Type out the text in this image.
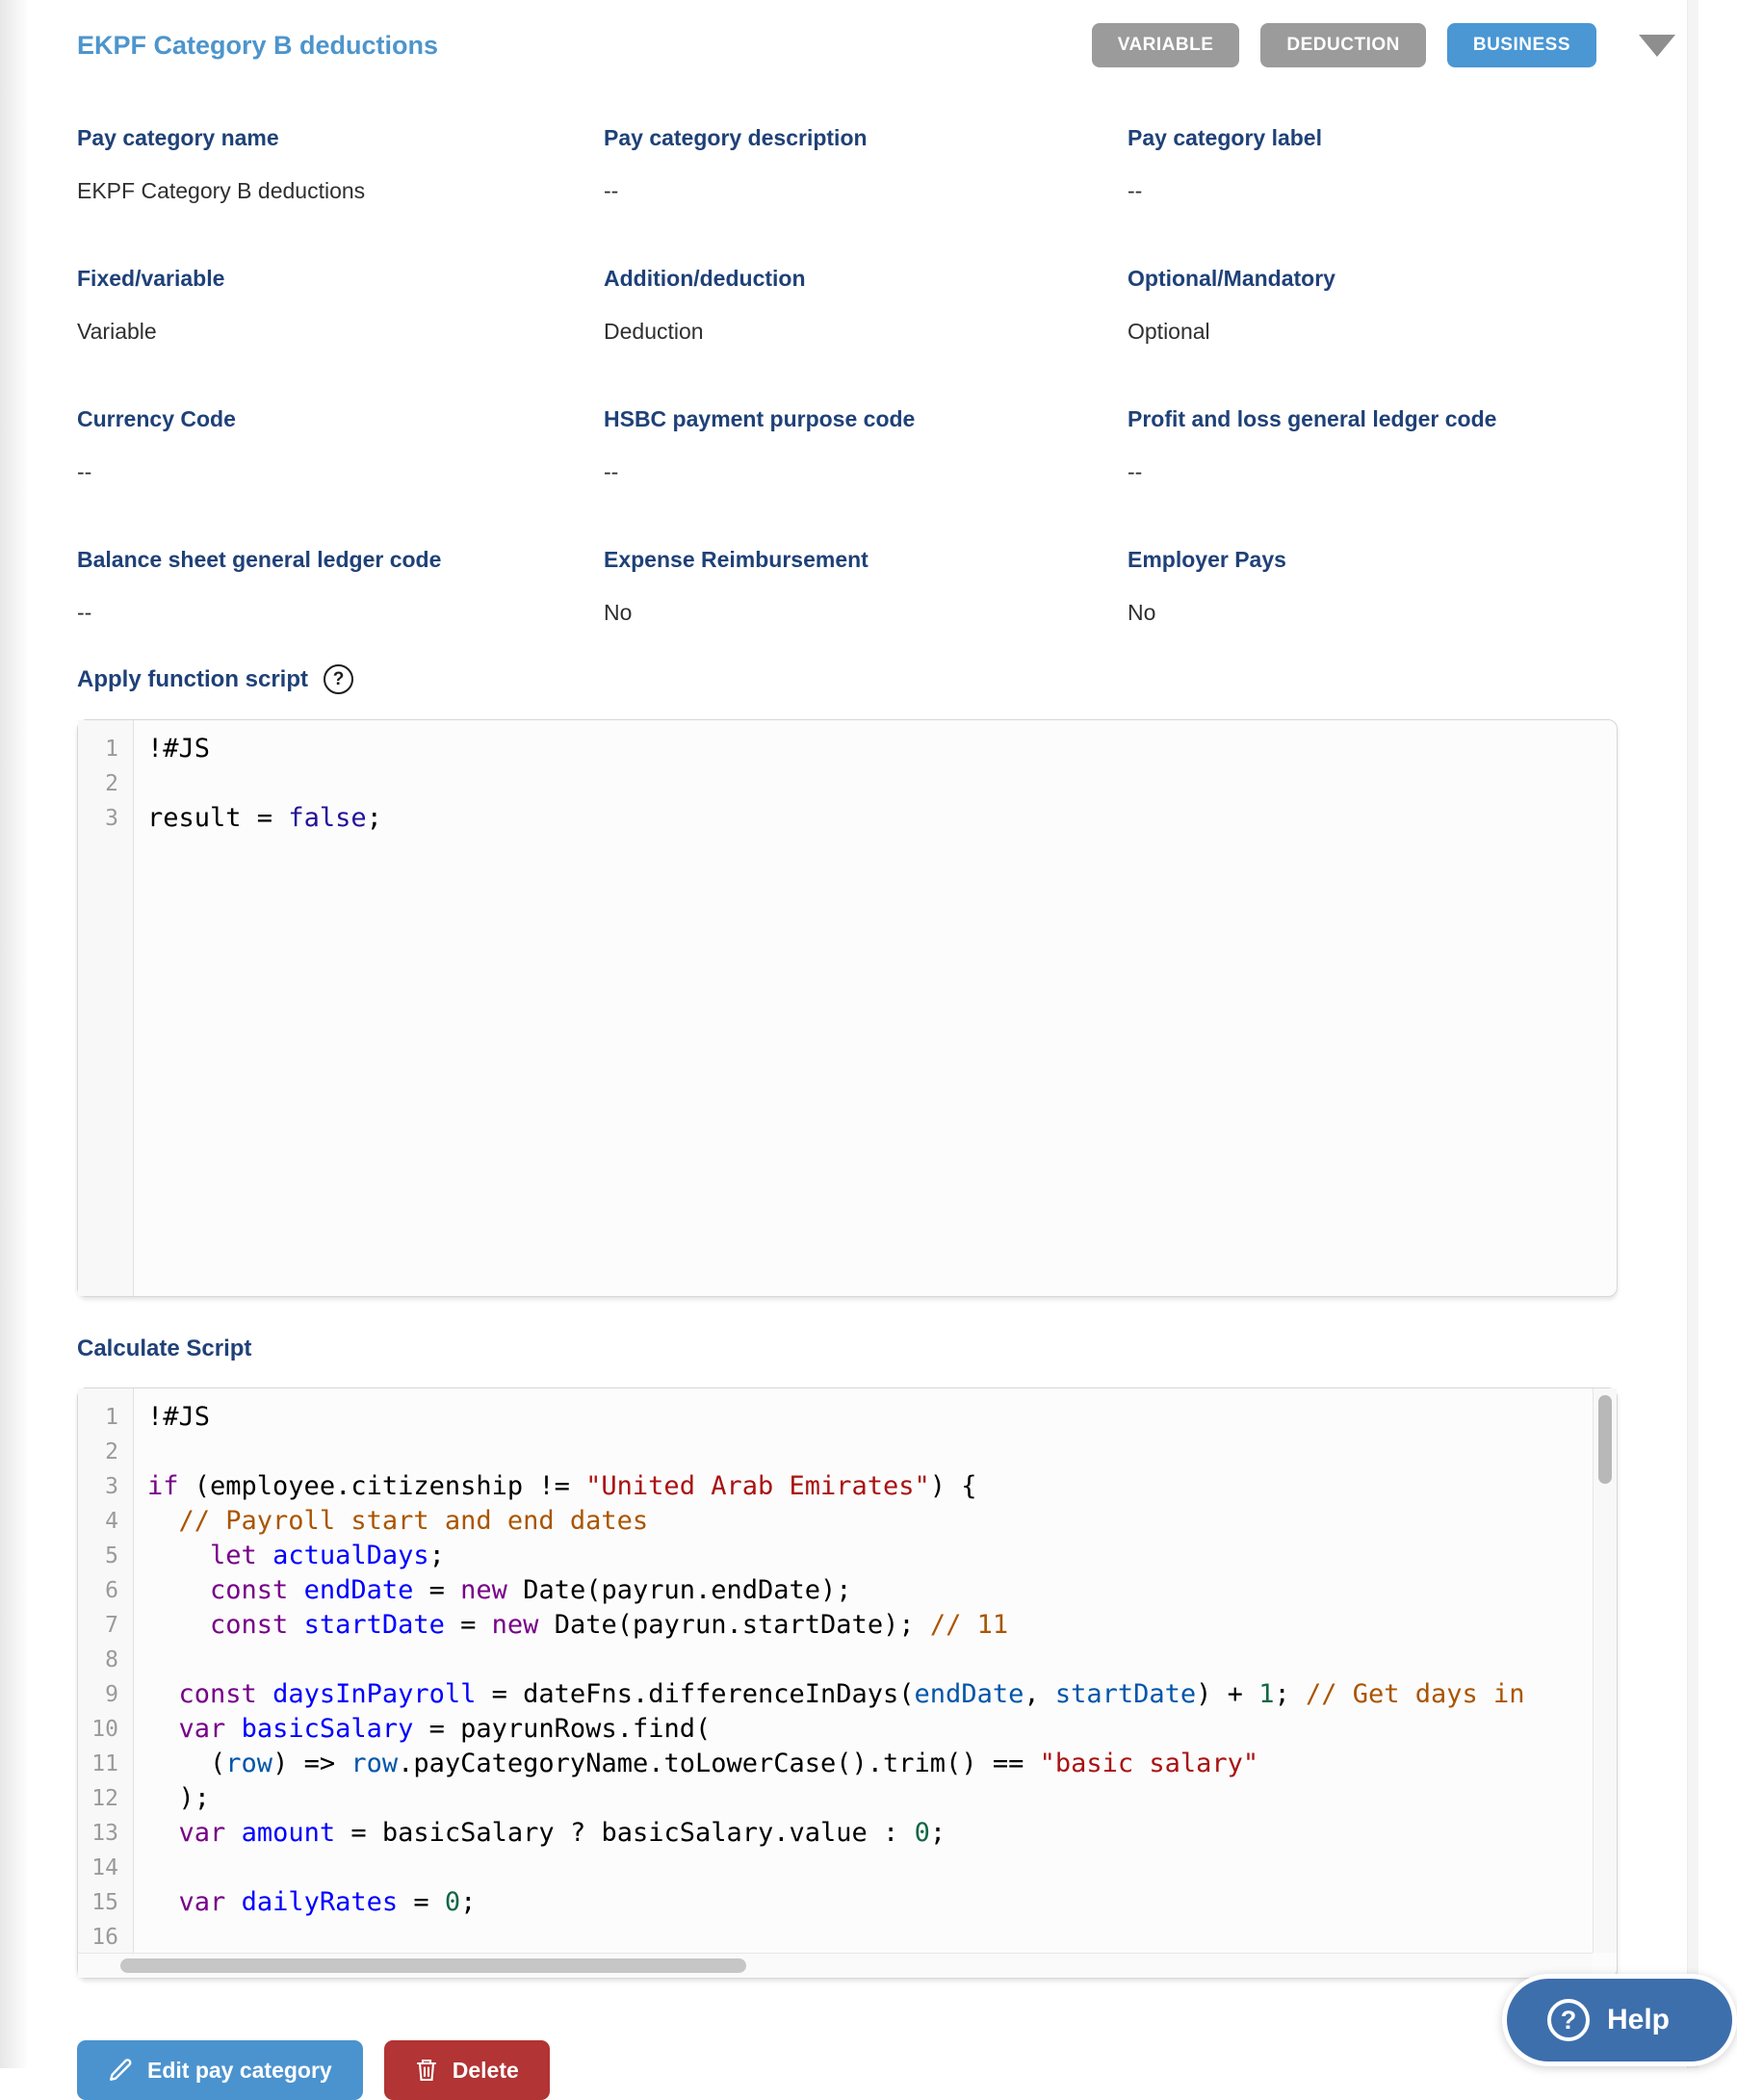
EKPF Category B deductions	VARIABLE	DEDUCTION	BUSINESS
Pay category name
EKPF Category B deductions
Pay category description
--
Pay category label
--
Fixed/variable
Variable
Addition/deduction
Deduction
Optional/Mandatory
Optional
Currency Code
--
HSBC payment purpose code
--
Profit and loss general ledger code
--
Balance sheet general ledger code
--
Expense Reimbursement
No
Employer Pays
No
Apply function script	?
1
2
3
!#JS

result = false;
Calculate Script
1
2
3
4
5
6
7
8
9
10
11
12
13
14
15
16
!#JS

if (employee.citizenship != "United Arab Emirates") {
// Payroll start and end dates
let actualDays;
const endDate = new Date(payrun.endDate);
const startDate = new Date(payrun.startDate); // 11

const daysInPayroll = dateFns.differenceInDays(endDate, startDate) + 1; // Get days in
var basicSalary = payrunRows.find(
(row) => row.payCategoryName.toLowerCase().trim() == "basic salary"
);
var amount = basicSalary ? basicSalary.value : 0;

var dailyRates = 0;

Edit pay category	Delete
?	Help
